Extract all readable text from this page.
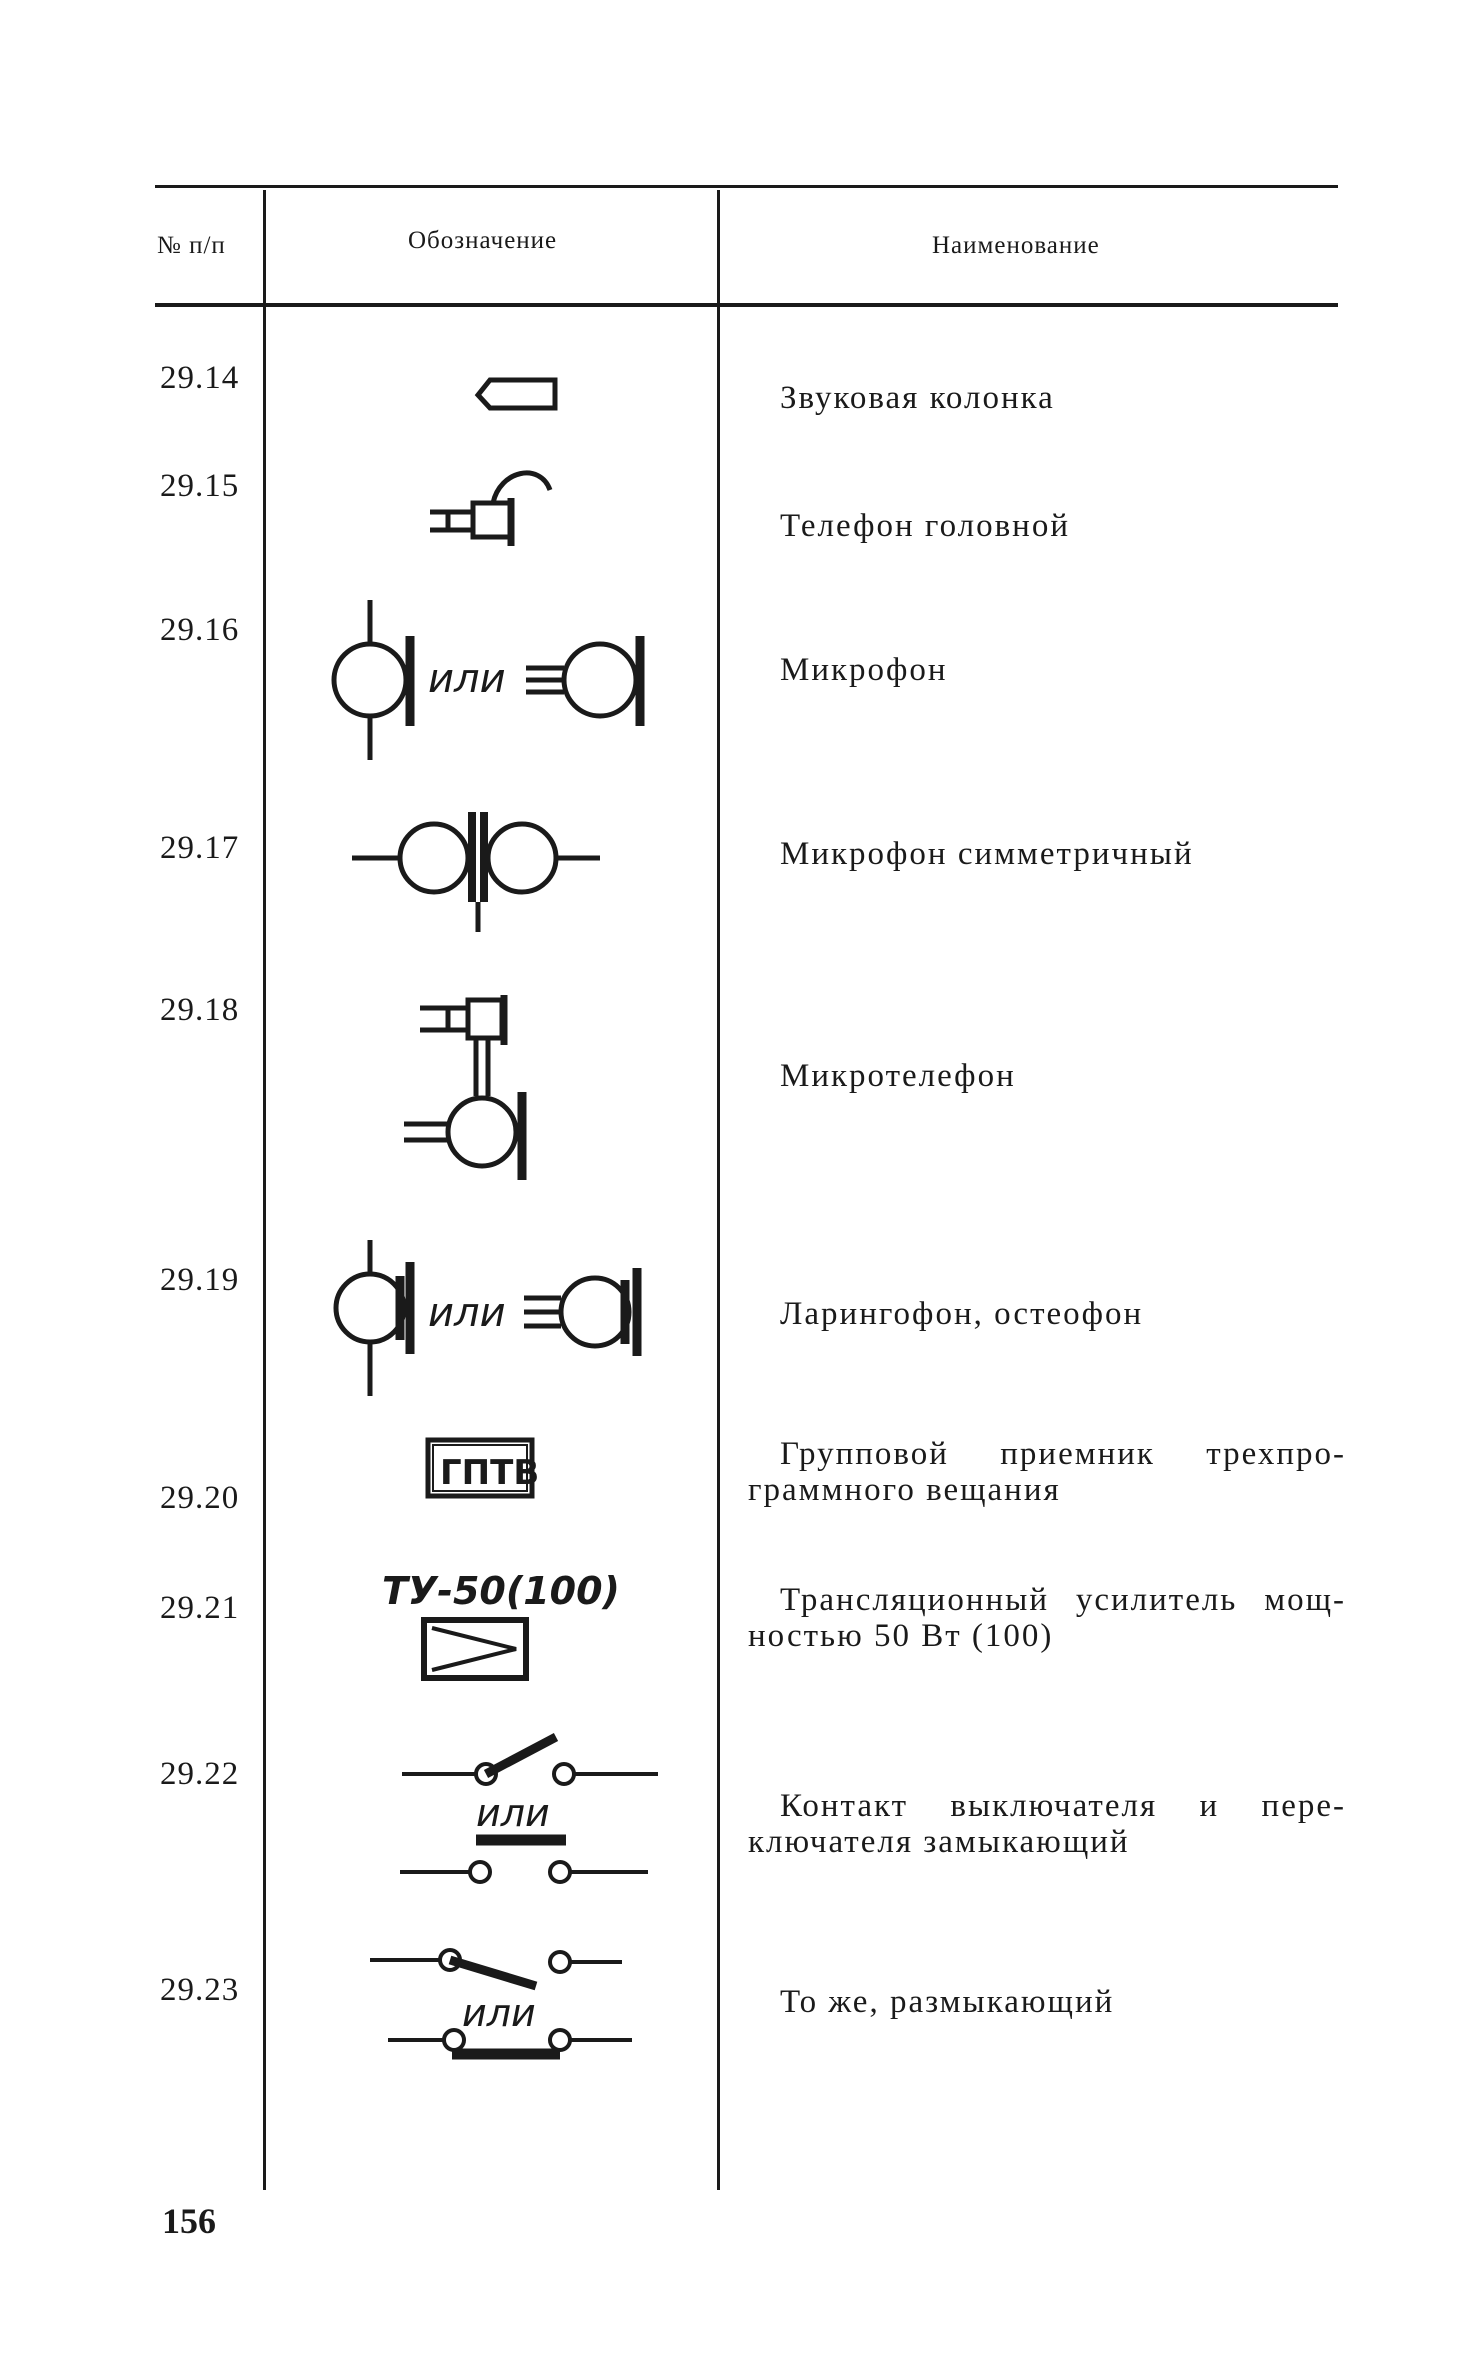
№ п/п	Обозначение	Наименование
29.14
29.15
29.16
29.17
29.18
29.19
29.20
29.21
29.22
29.23
Звуковая колонка
Телефон головной
Микрофон
Микрофон симметричный
Микротелефон
Ларингофон, остеофон
Групповой приемник трехпро-
граммного вещания
Трансляционный усилитель мощ-
ностью 50 Вт (100)
Контакт выключателя и пере-
ключателя замыкающий
То же, размыкающий
или
или
ГПТВ
ТУ-50(100)
или
или
156
